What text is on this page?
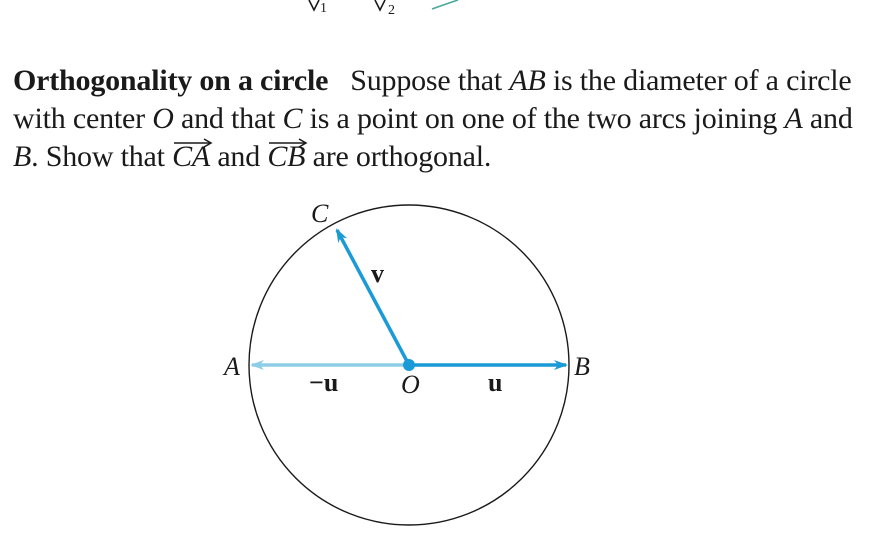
1	2
Orthogonality on a circle Suppose that AB is the diameter of a circle with center O and that C is a point on one of the two arcs joining A and B. Show that CA
and CB
are orthogonal.
C
v
A	B
−u O	u
